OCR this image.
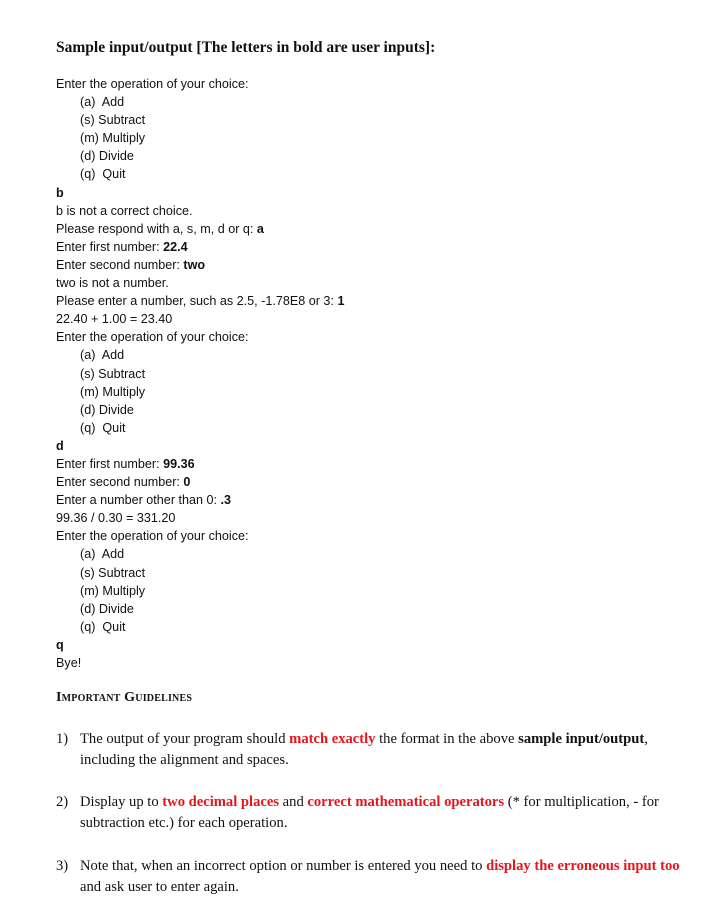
Sample input/output [The letters in bold are user inputs]:
Enter the operation of your choice:
(a)  Add
(s) Subtract
(m) Multiply
(d) Divide
(q)  Quit
b
b is not a correct choice.
Please respond with a, s, m, d or q: a
Enter first number: 22.4
Enter second number: two
two is not a number.
Please enter a number, such as 2.5, -1.78E8 or 3: 1
22.40 + 1.00 = 23.40
Enter the operation of your choice:
(a)  Add
(s) Subtract
(m) Multiply
(d) Divide
(q)  Quit
d
Enter first number: 99.36
Enter second number: 0
Enter a number other than 0: .3
99.36 / 0.30 = 331.20
Enter the operation of your choice:
(a)  Add
(s) Subtract
(m) Multiply
(d) Divide
(q)  Quit
q
Bye!
Important Guidelines
1) The output of your program should match exactly the format in the above sample input/output, including the alignment and spaces.
2) Display up to two decimal places and correct mathematical operators (* for multiplication, - for subtraction etc.) for each operation.
3) Note that, when an incorrect option or number is entered you need to display the erroneous input too and ask user to enter again.
